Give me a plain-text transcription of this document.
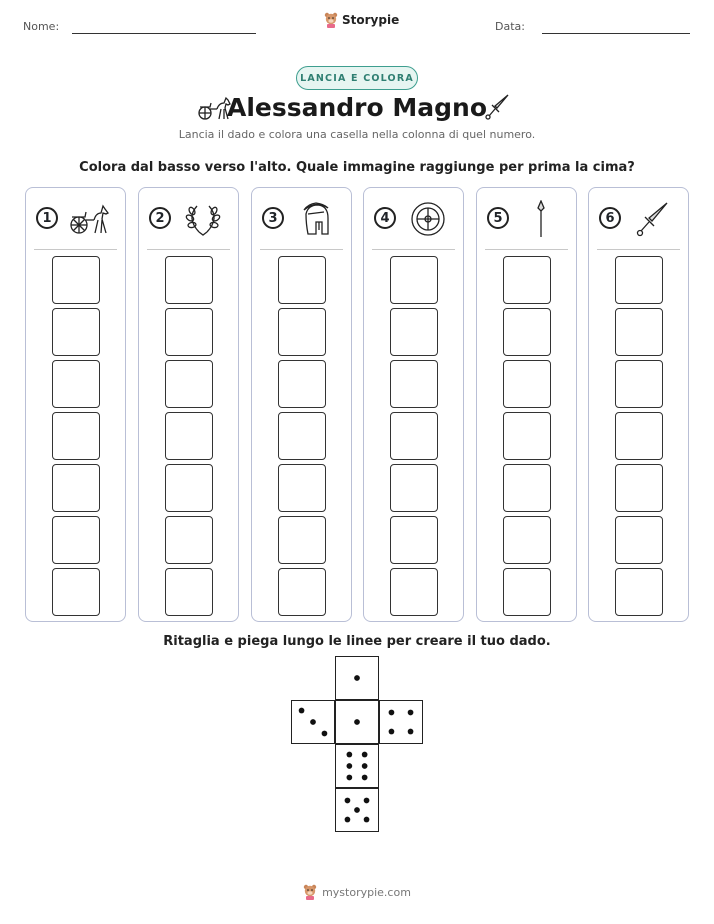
Nome:	Storypie	Data:
LANCIA E COLORA
Alessandro Magno
Lancia il dado e colora una casella nella colonna di quel numero.
Colora dal basso verso l'alto. Quale immagine raggiunge per prima la cima?
1	2	3	4	5	6
Ritaglia e piega lungo le linee per creare il tuo dado.
mystorypie.com
